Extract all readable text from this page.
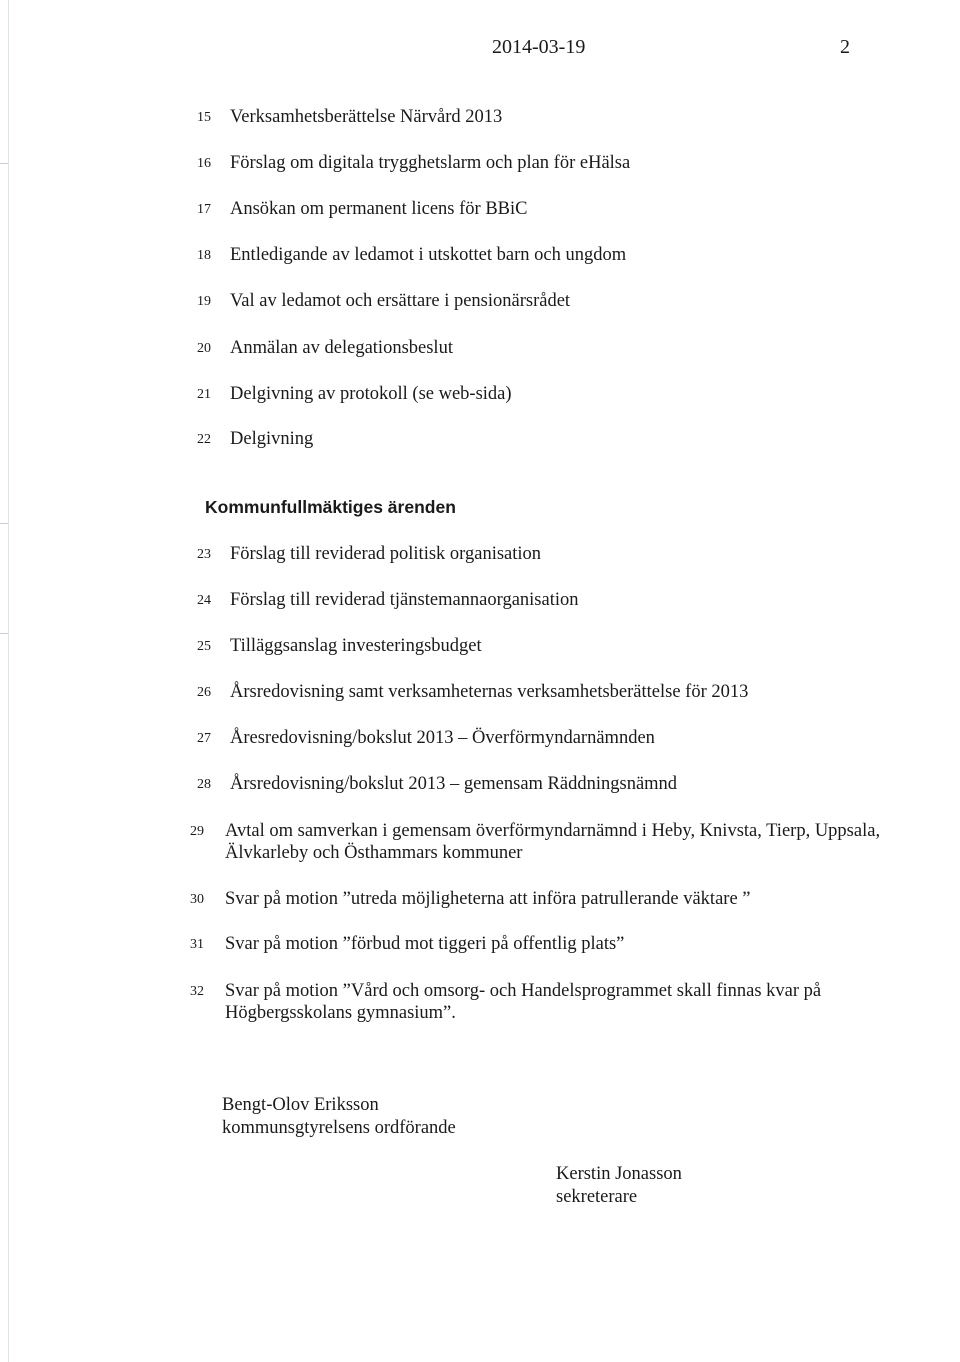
2014-03-19	2
15 Verksamhetsberättelse Närvård 2013
16 Förslag om digitala trygghetslarm och plan för eHälsa
17 Ansökan om permanent licens för BBiC
18 Entledigande av ledamot i utskottet barn och ungdom
19 Val av ledamot och ersättare i pensionärsrådet
20 Anmälan av delegationsbeslut
21 Delgivning av protokoll (se web-sida)
22 Delgivning
Kommunfullmäktiges ärenden
23 Förslag till reviderad politisk organisation
24 Förslag till reviderad tjänstemannaorganisation
25 Tilläggsanslag investeringsbudget
26 Årsredovisning samt verksamheternas verksamhetsberättelse för 2013
27 Åresredovisning/bokslut 2013 – Överförmyndarnämnden
28 Årsredovisning/bokslut 2013 – gemensam Räddningsnämnd
29 Avtal om samverkan i gemensam överförmyndarnämnd i Heby, Knivsta, Tierp, Uppsala,
Älvkarleby och Östhammars kommuner
30 Svar på motion ”utreda möjligheterna att införa patrullerande väktare ”
31 Svar på motion ”förbud mot tiggeri på offentlig plats”
32 Svar på motion ”Vård och omsorg- och Handelsprogrammet skall finnas kvar på
Högbergsskolans gymnasium”.
Bengt-Olov Eriksson
kommunsgtyrelsens ordförande
Kerstin Jonasson
sekreterare
